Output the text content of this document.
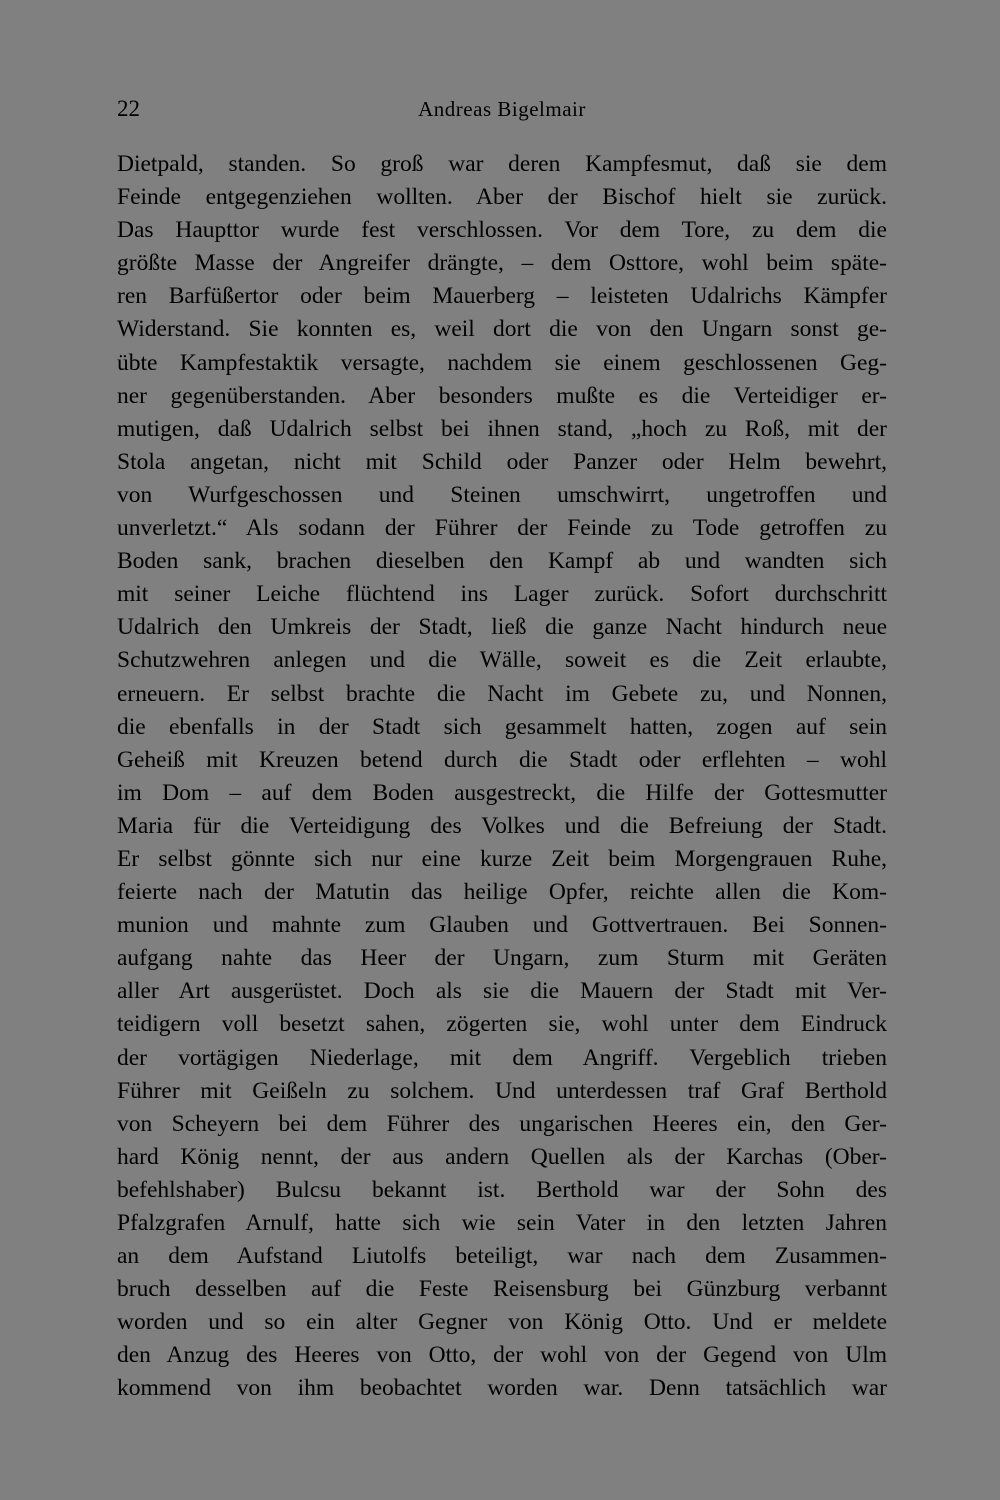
22	Andreas Bigelmair
Dietpald, standen. So groß war deren Kampfesmut, daß sie dem
Feinde entgegenziehen wollten. Aber der Bischof hielt sie zurück.
Das Haupttor wurde fest verschlossen. Vor dem Tore, zu dem die
größte Masse der Angreifer drängte, – dem Osttore, wohl beim späte-
ren Barfüßertor oder beim Mauerberg – leisteten Udalrichs Kämpfer
Widerstand. Sie konnten es, weil dort die von den Ungarn sonst ge-
übte Kampfestaktik versagte, nachdem sie einem geschlossenen Geg-
ner gegenüberstanden. Aber besonders mußte es die Verteidiger er-
mutigen, daß Udalrich selbst bei ihnen stand, „hoch zu Roß, mit der
Stola angetan, nicht mit Schild oder Panzer oder Helm bewehrt,
von Wurfgeschossen und Steinen umschwirrt, ungetroffen und
unverletzt.“ Als sodann der Führer der Feinde zu Tode getroffen zu
Boden sank, brachen dieselben den Kampf ab und wandten sich
mit seiner Leiche flüchtend ins Lager zurück. Sofort durchschritt
Udalrich den Umkreis der Stadt, ließ die ganze Nacht hindurch neue
Schutzwehren anlegen und die Wälle, soweit es die Zeit erlaubte,
erneuern. Er selbst brachte die Nacht im Gebete zu, und Nonnen,
die ebenfalls in der Stadt sich gesammelt hatten, zogen auf sein
Geheiß mit Kreuzen betend durch die Stadt oder erflehten – wohl
im Dom – auf dem Boden ausgestreckt, die Hilfe der Gottesmutter
Maria für die Verteidigung des Volkes und die Befreiung der Stadt.
Er selbst gönnte sich nur eine kurze Zeit beim Morgengrauen Ruhe,
feierte nach der Matutin das heilige Opfer, reichte allen die Kom-
munion und mahnte zum Glauben und Gottvertrauen. Bei Sonnen-
aufgang nahte das Heer der Ungarn, zum Sturm mit Geräten
aller Art ausgerüstet. Doch als sie die Mauern der Stadt mit Ver-
teidigern voll besetzt sahen, zögerten sie, wohl unter dem Eindruck
der vortägigen Niederlage, mit dem Angriff. Vergeblich trieben
Führer mit Geißeln zu solchem. Und unterdessen traf Graf Berthold
von Scheyern bei dem Führer des ungarischen Heeres ein, den Ger-
hard König nennt, der aus andern Quellen als der Karchas (Ober-
befehlshaber) Bulcsu bekannt ist. Berthold war der Sohn des
Pfalzgrafen Arnulf, hatte sich wie sein Vater in den letzten Jahren
an dem Aufstand Liutolfs beteiligt, war nach dem Zusammen-
bruch desselben auf die Feste Reisensburg bei Günzburg verbannt
worden und so ein alter Gegner von König Otto. Und er meldete
den Anzug des Heeres von Otto, der wohl von der Gegend von Ulm
kommend von ihm beobachtet worden war. Denn tatsächlich war
